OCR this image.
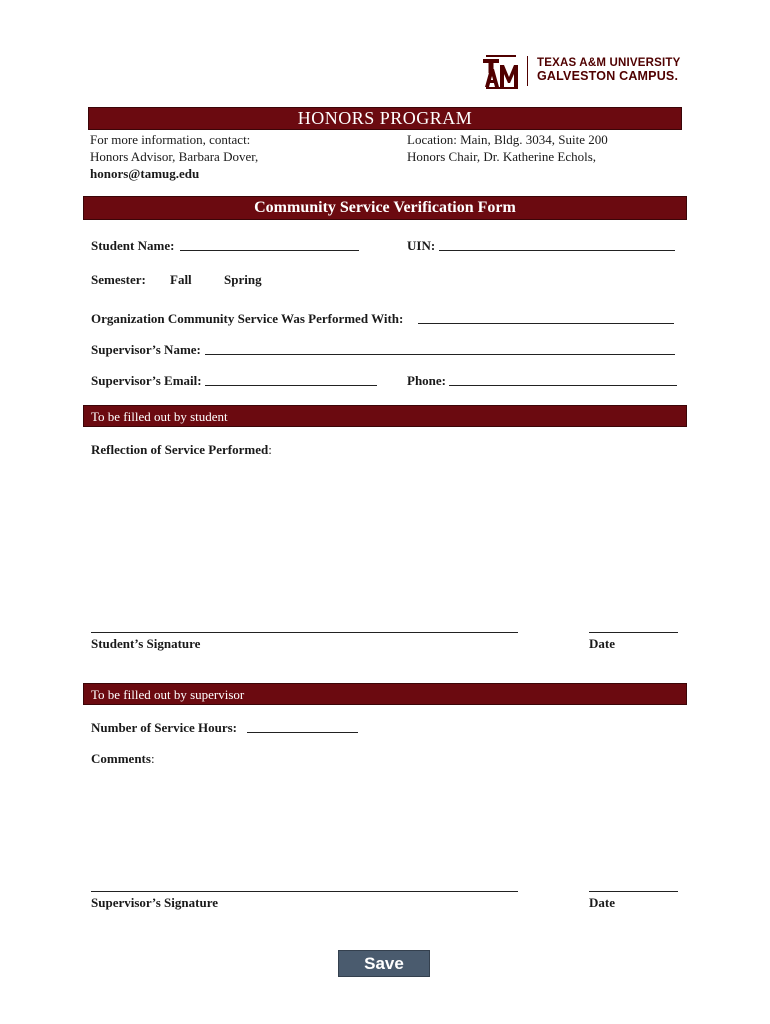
TEXAS A&M UNIVERSITY
GALVESTON CAMPUS.
HONORS PROGRAM
For more information, contact:
Honors Advisor, Barbara Dover,
honors@tamug.edu
Location: Main, Bldg. 3034, Suite 200
Honors Chair, Dr. Katherine Echols,
Community Service Verification Form
Student Name:	UIN:
Semester: Fall Spring
Organization Community Service Was Performed With:
Supervisor’s Name:
Supervisor’s Email:	Phone:
To be filled out by student
Reflection of Service Performed:
Student’s Signature	Date
To be filled out by supervisor
Number of Service Hours:
Comments:
Supervisor’s Signature	Date
Save
